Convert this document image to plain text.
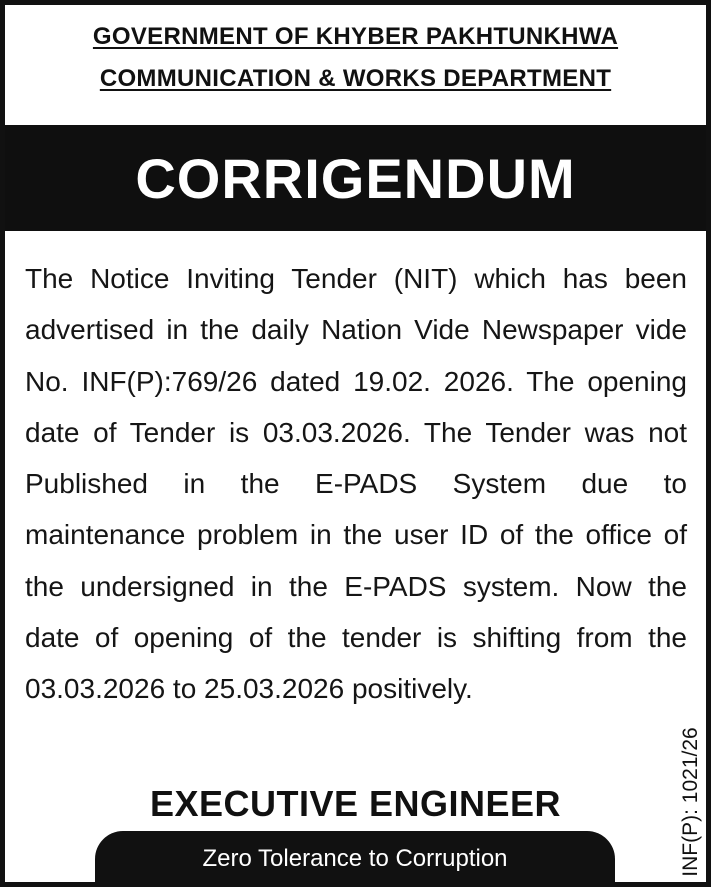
GOVERNMENT OF KHYBER PAKHTUNKHWA
COMMUNICATION & WORKS DEPARTMENT
CORRIGENDUM
The Notice Inviting Tender (NIT) which has been advertised in the daily Nation Vide Newspaper vide No. INF(P):769/26 dated 19.02. 2026. The opening date of Tender is 03.03.2026. The Tender was not Published in the E-PADS System due to maintenance problem in the user ID of the office of the undersigned in the E-PADS system. Now the date of opening of the tender is shifting from the 03.03.2026 to 25.03.2026 positively.
EXECUTIVE ENGINEER
Zero Tolerance to Corruption	INF(P): 1021/26
